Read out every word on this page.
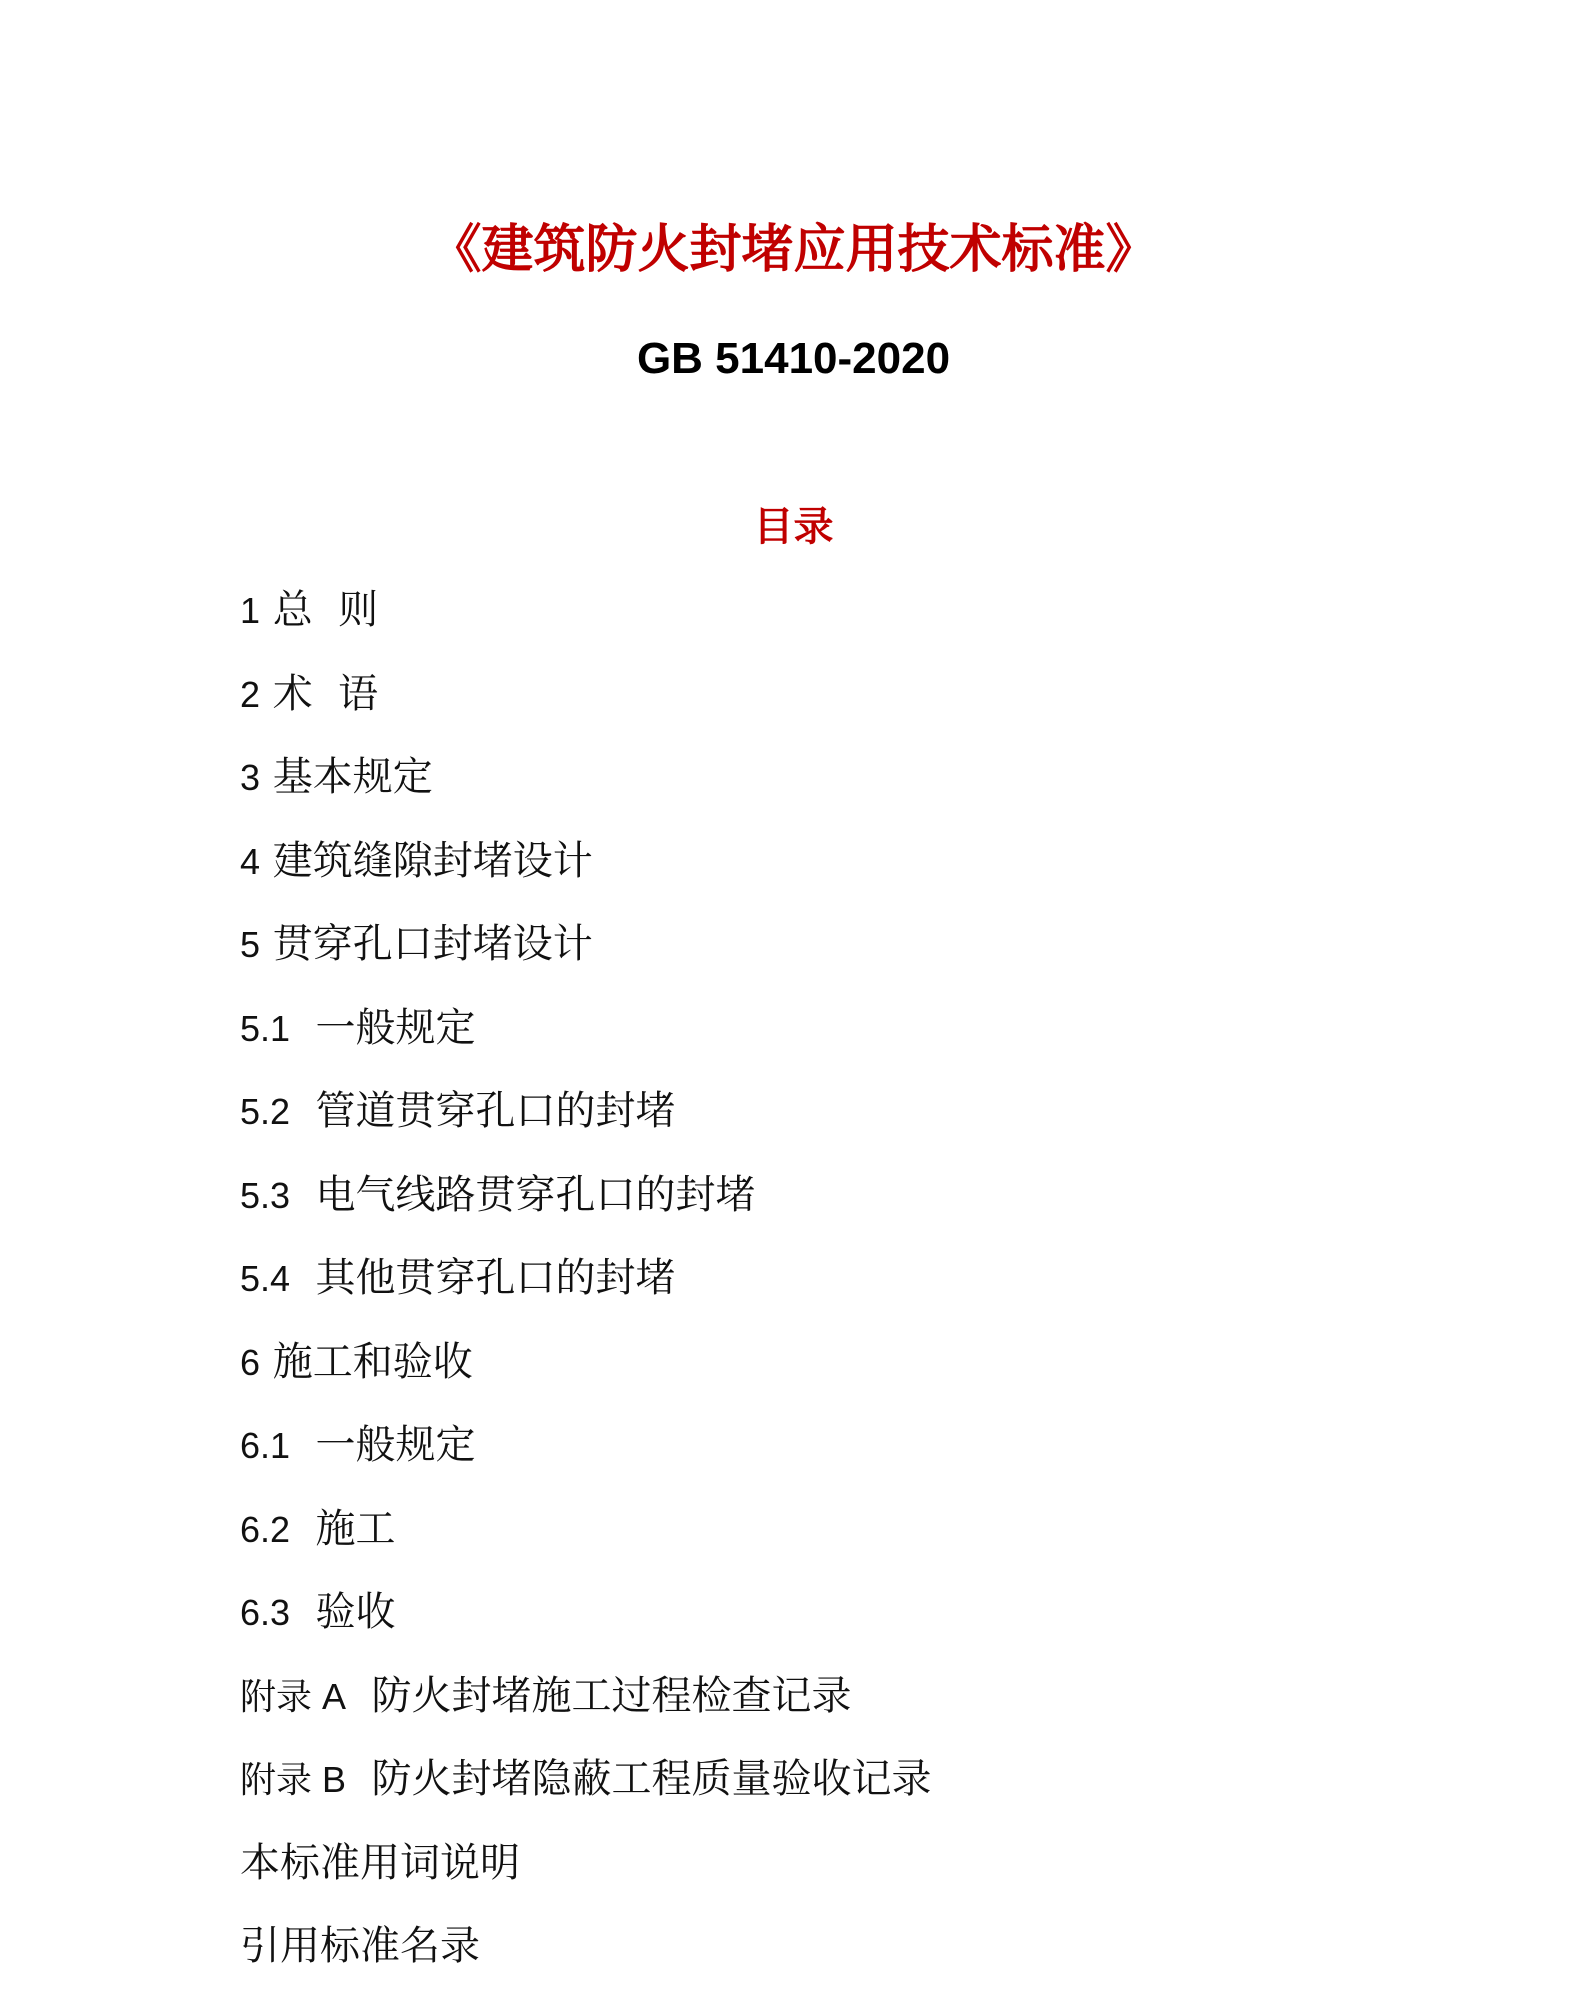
《建筑防火封堵应用技术标准》
GB 51410-2020
目录
1 总  则
2 术  语
3 基本规定
4 建筑缝隙封堵设计
5 贯穿孔口封堵设计
5.1 一般规定
5.2 管道贯穿孔口的封堵
5.3 电气线路贯穿孔口的封堵
5.4 其他贯穿孔口的封堵
6 施工和验收
6.1 一般规定
6.2 施工
6.3 验收
附录 A 防火封堵施工过程检查记录
附录 B 防火封堵隐蔽工程质量验收记录
本标准用词说明
引用标准名录
